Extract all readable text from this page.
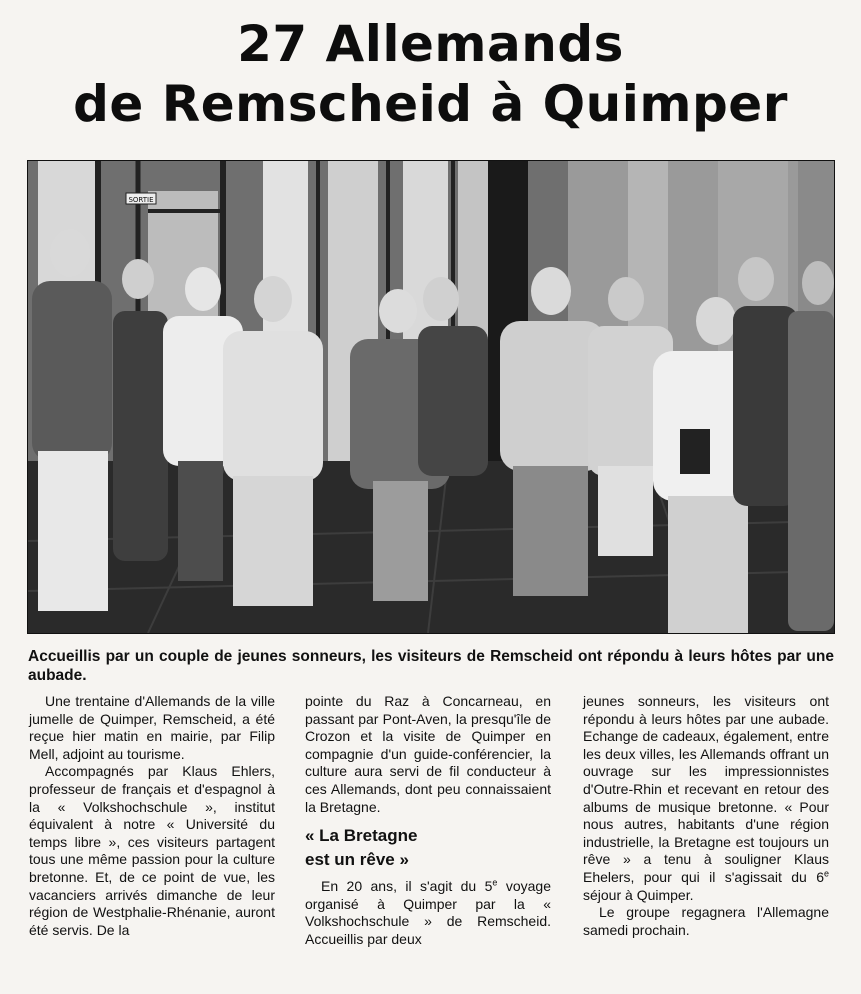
27 Allemands
de Remscheid à Quimper
SORTIE
Accueillis par un couple de jeunes sonneurs, les visiteurs de Remscheid ont répondu à leurs hôtes par une aubade.

Une trentaine d'Allemands de la ville jumelle de Quimper, Remscheid, a été reçue hier matin en mairie, par Filip Mell, adjoint au tourisme.

Accompagnés par Klaus Ehlers, professeur de français et d'espagnol à la « Volkshochschule », institut équivalent à notre « Université du temps libre », ces visiteurs partagent tous une même passion pour la culture bretonne. Et, de ce point de vue, les vacanciers arrivés dimanche de leur région de Westphalie-Rhénanie, auront été servis. De la

pointe du Raz à Concarneau, en passant par Pont-Aven, la presqu'île de Crozon et la visite de Quimper en compagnie d'un guide-conférencier, la culture aura servi de fil conducteur à ces Allemands, dont peu connaissaient la Bretagne.

« La Bretagne
est un rêve »

En 20 ans, il s'agit du 5e voyage organisé à Quimper par la « Volkshochschule » de Remscheid. Accueillis par deux

jeunes sonneurs, les visiteurs ont répondu à leurs hôtes par une aubade. Echange de cadeaux, également, entre les deux villes, les Allemands offrant un ouvrage sur les impressionnistes d'Outre-Rhin et recevant en retour des albums de musique bretonne. « Pour nous autres, habitants d'une région industrielle, la Bretagne est toujours un rêve » a tenu à souligner Klaus Ehelers, pour qui il s'agissait du 6e séjour à Quimper.

Le groupe regagnera l'Allemagne samedi prochain.
